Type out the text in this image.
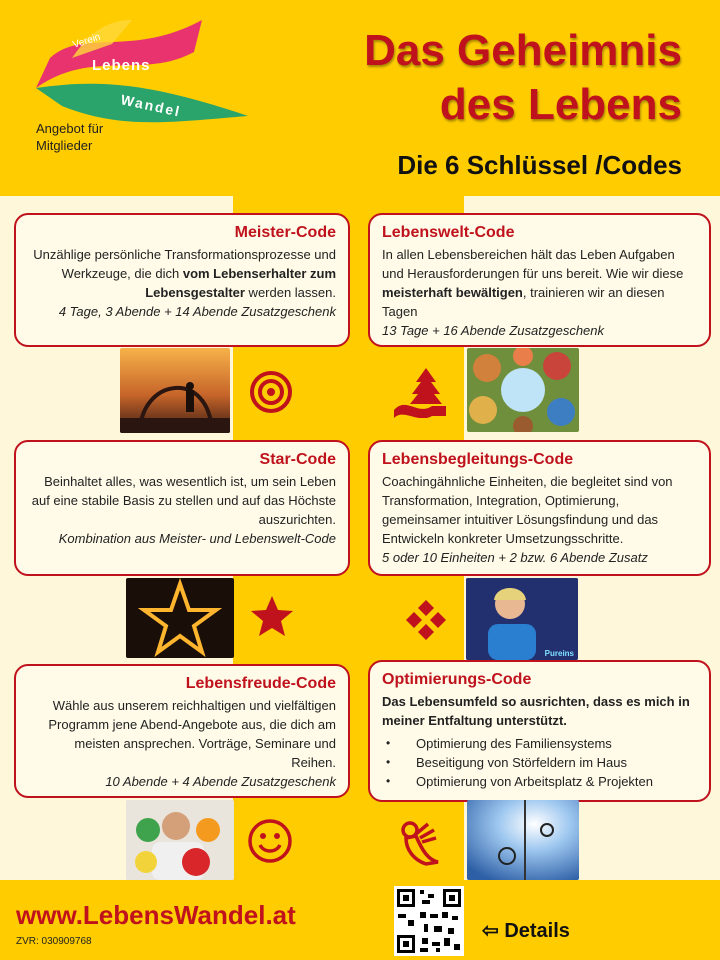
Verein
Lebens
Wandel
Angebot für
Mitglieder
Das Geheimnis
des Lebens
Die 6 Schlüssel /Codes
Meister-Code
Unzählige persönliche Transformationsprozesse und Werkzeuge, die dich vom Lebenserhalter zum Lebensgestalter werden lassen.
4 Tage, 3 Abende + 14 Abende Zusatzgeschenk
Lebenswelt-Code
In allen Lebensbereichen hält das Leben Aufgaben und Herausforderungen für uns bereit. Wie wir diese meisterhaft bewältigen, trainieren wir an diesen Tagen
13 Tage + 16 Abende Zusatzgeschenk
Star-Code
Beinhaltet alles, was wesentlich ist, um sein Leben auf eine stabile Basis zu stellen und auf das Höchste auszurichten.
Kombination aus Meister- und Lebenswelt-Code
Lebensbegleitungs-Code
Coachingähnliche Einheiten, die begleitet sind von Transformation, Integration, Optimierung, gemeinsamer intuitiver Lösungsfindung und das Entwickeln konkreter Umsetzungsschritte.
5 oder 10 Einheiten + 2 bzw. 6 Abende Zusatz
Pureins
Lebensfreude-Code
Wähle aus unserem reichhaltigen und vielfältigen Programm jene Abend-Angebote aus, die dich am meisten ansprechen. Vorträge, Seminare und Reihen.
10 Abende + 4 Abende Zusatzgeschenk
Optimierungs-Code
Das Lebensumfeld so ausrichten, dass es mich in meiner Entfaltung unterstützt.
•	Optimierung des Familiensystems
•	Beseitigung von Störfeldern im Haus
•	Optimierung von Arbeitsplatz & Projekten
www.LebensWandel.at
ZVR: 030909768	⇦ Details
